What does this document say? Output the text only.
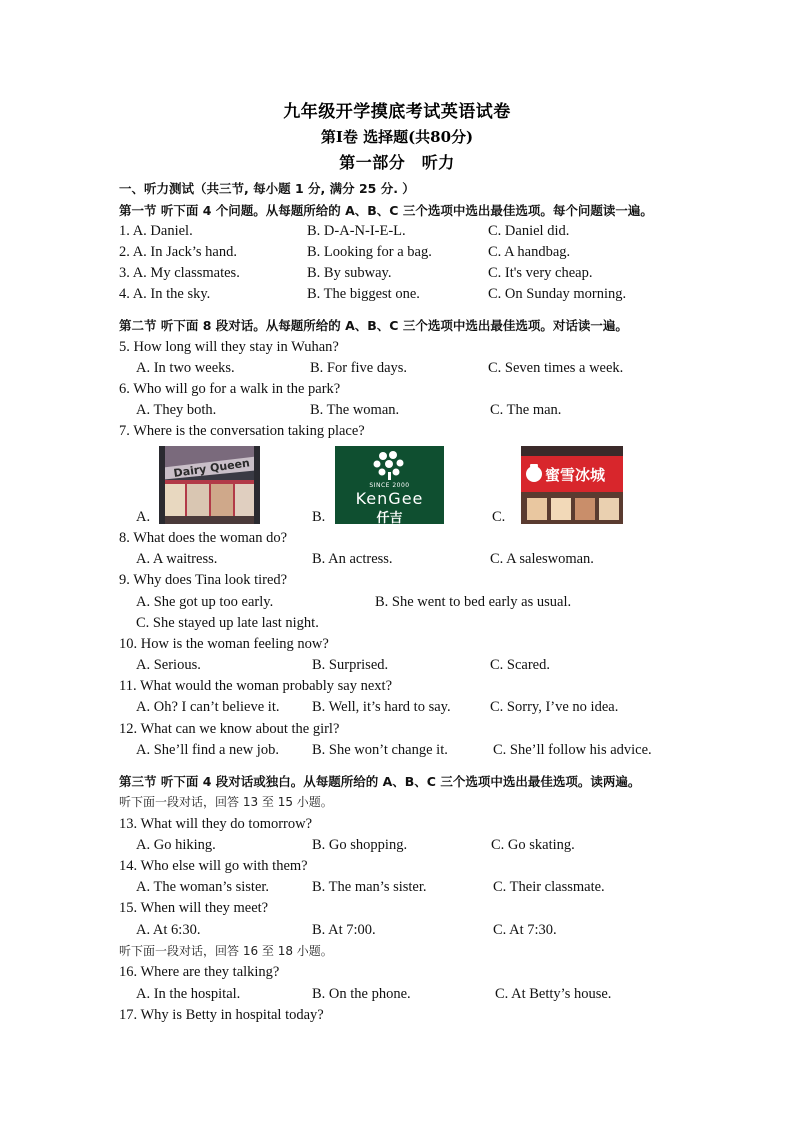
九年级开学摸底考试英语试卷
第Ⅰ卷 选择题(共80分)
第一部分　听力
一、听力测试（共三节, 每小题 1 分, 满分 25 分. ）
第一节 听下面 4 个问题。从每题所给的 A、B、C 三个选项中选出最佳选项。每个问题读一遍。
1. A. Daniel.	B. D-A-N-I-E-L.	C. Daniel did.
2. A. In Jack’s hand.	B. Looking for a bag.	C. A handbag.
3. A. My classmates.	B. By subway.	C. It's very cheap.
4. A. In the sky.	B. The biggest one.	C. On Sunday morning.
第二节 听下面 8 段对话。从每题所给的 A、B、C 三个选项中选出最佳选项。对话读一遍。
5. How long will they stay in Wuhan?
A. In two weeks.	B. For five days.	C. Seven times a week.
6. Who will go for a walk in the park?
A. They both.	B. The woman.	C. The man.
7. Where is the conversation taking place?
Dairy Queen
A.	B.	C.
SINCE 2000
KenGee
仟吉
蜜雪冰城
8. What does the woman do?
A. A waitress.	B. An actress.	C. A saleswoman.
9. Why does Tina look tired?
A. She got up too early.	B. She went to bed early as usual.
C. She stayed up late last night.
10. How is the woman feeling now?
A. Serious.	B. Surprised.	C. Scared.
11. What would the woman probably say next?
A. Oh? I can’t believe it. B. Well, it’s hard to say.	C. Sorry, I’ve no idea.
12. What can we know about the girl?
A. She’ll find a new job. B. She won’t change it.	C. She’ll follow his advice.
第三节 听下面 4 段对话或独白。从每题所给的 A、B、C 三个选项中选出最佳选项。读两遍。
听下面一段对话，回答 13 至 15 小题。
13. What will they do tomorrow?
A. Go hiking.	B. Go shopping.	C. Go skating.
14. Who else will go with them?
A. The woman’s sister.	B. The man’s sister.	C. Their classmate.
15. When will they meet?
A. At 6:30.	B. At 7:00.	C. At 7:30.
听下面一段对话，回答 16 至 18 小题。
16. Where are they talking?
A. In the hospital.	B. On the phone.	C. At Betty’s house.
17. Why is Betty in hospital today?
